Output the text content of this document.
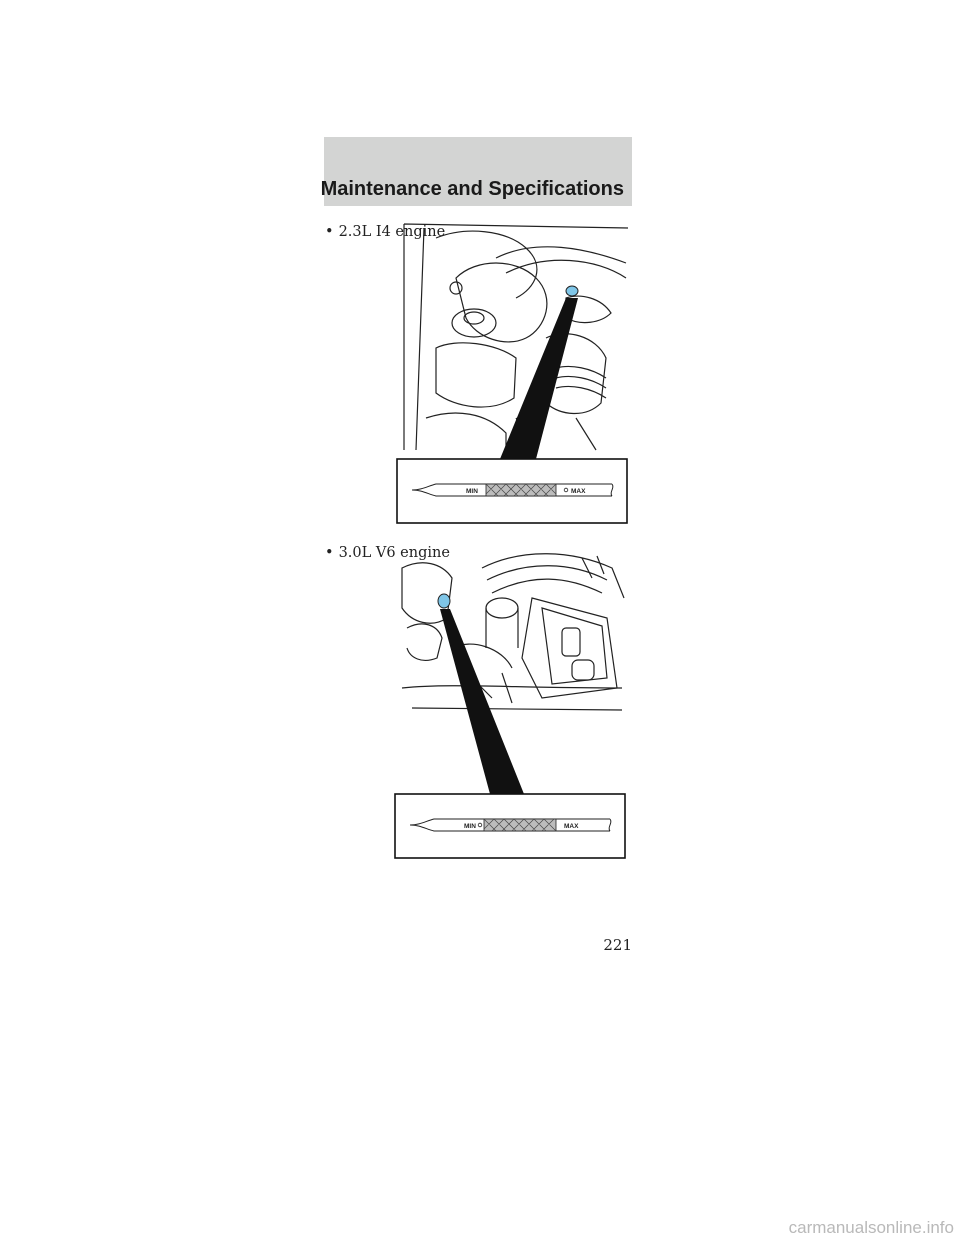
Maintenance and Specifications
• 2.3L I4 engine
• 3.0L V6 engine
MIN	MAX
MIN	MAX
221
carmanualsonline.info
